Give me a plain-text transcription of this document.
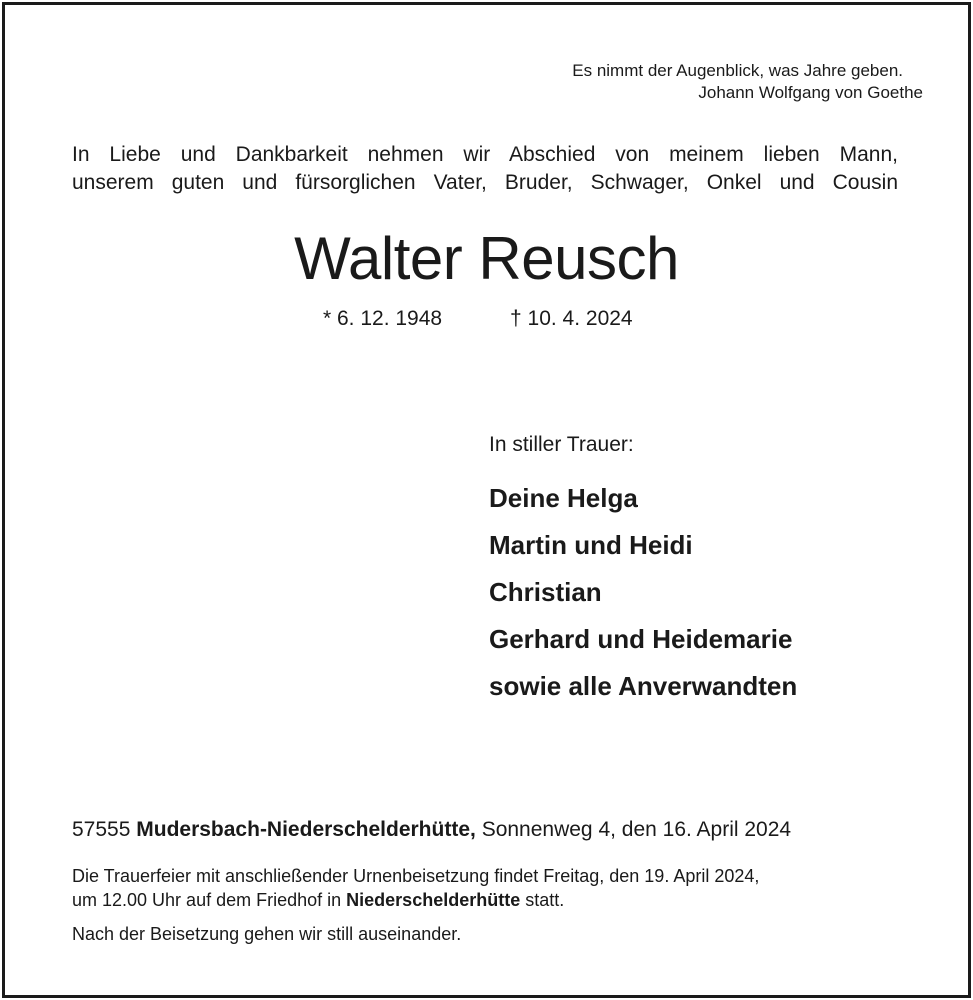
Es nimmt der Augenblick, was Jahre geben.
Johann Wolfgang von Goethe
In Liebe und Dankbarkeit nehmen wir Abschied von meinem lieben Mann,
unserem guten und fürsorglichen Vater, Bruder, Schwager, Onkel und Cousin
Walter Reusch
* 6. 12. 1948	† 10. 4. 2024
In stiller Trauer:
Deine Helga
Martin und Heidi
Christian
Gerhard und Heidemarie
sowie alle Anverwandten
57555 Mudersbach-Niederschelderhütte, Sonnenweg 4, den 16. April 2024
Die Trauerfeier mit anschließender Urnenbeisetzung findet Freitag, den 19. April 2024,
um 12.00 Uhr auf dem Friedhof in Niederschelderhütte statt.
Nach der Beisetzung gehen wir still auseinander.
